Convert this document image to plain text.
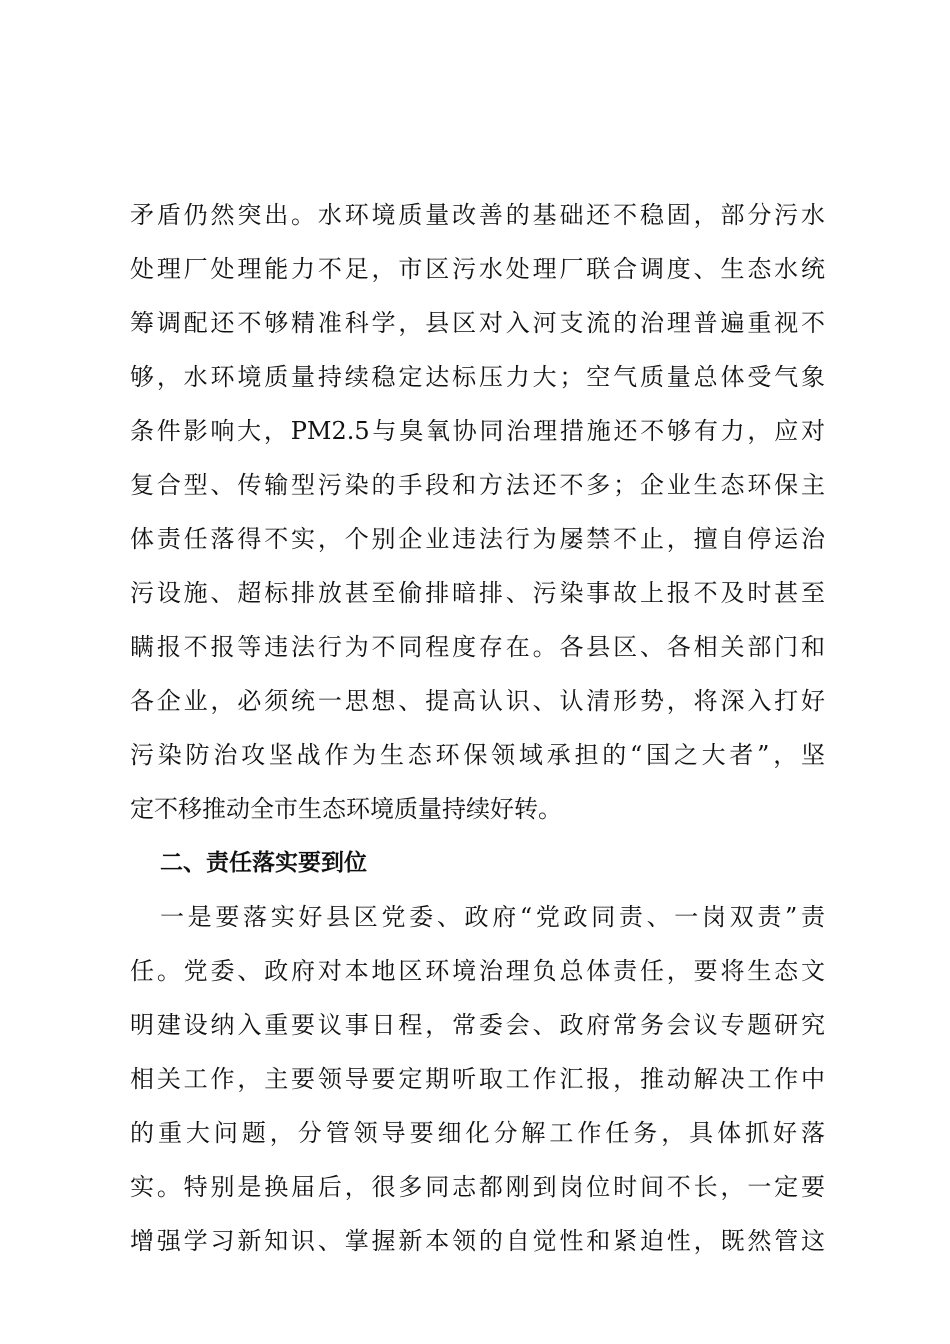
矛盾仍然突出。水环境质量改善的基础还不稳固，部分污水
处理厂处理能力不足，市区污水处理厂联合调度、生态水统
筹调配还不够精准科学，县区对入河支流的治理普遍重视不
够，水环境质量持续稳定达标压力大；空气质量总体受气象
条件影响大，PM2.5与臭氧协同治理措施还不够有力，应对
复合型、传输型污染的手段和方法还不多；企业生态环保主
体责任落得不实，个别企业违法行为屡禁不止，擅自停运治
污设施、超标排放甚至偷排暗排、污染事故上报不及时甚至
瞒报不报等违法行为不同程度存在。各县区、各相关部门和
各企业，必须统一思想、提高认识、认清形势，将深入打好
污染防治攻坚战作为生态环保领域承担的“国之大者”，坚
定不移推动全市生态环境质量持续好转。
二、责任落实要到位
一是要落实好县区党委、政府“党政同责、一岗双责”责
任。党委、政府对本地区环境治理负总体责任，要将生态文
明建设纳入重要议事日程，常委会、政府常务会议专题研究
相关工作，主要领导要定期听取工作汇报，推动解决工作中
的重大问题，分管领导要细化分解工作任务，具体抓好落
实。特别是换届后，很多同志都刚到岗位时间不长，一定要
增强学习新知识、掌握新本领的自觉性和紧迫性，既然管这
